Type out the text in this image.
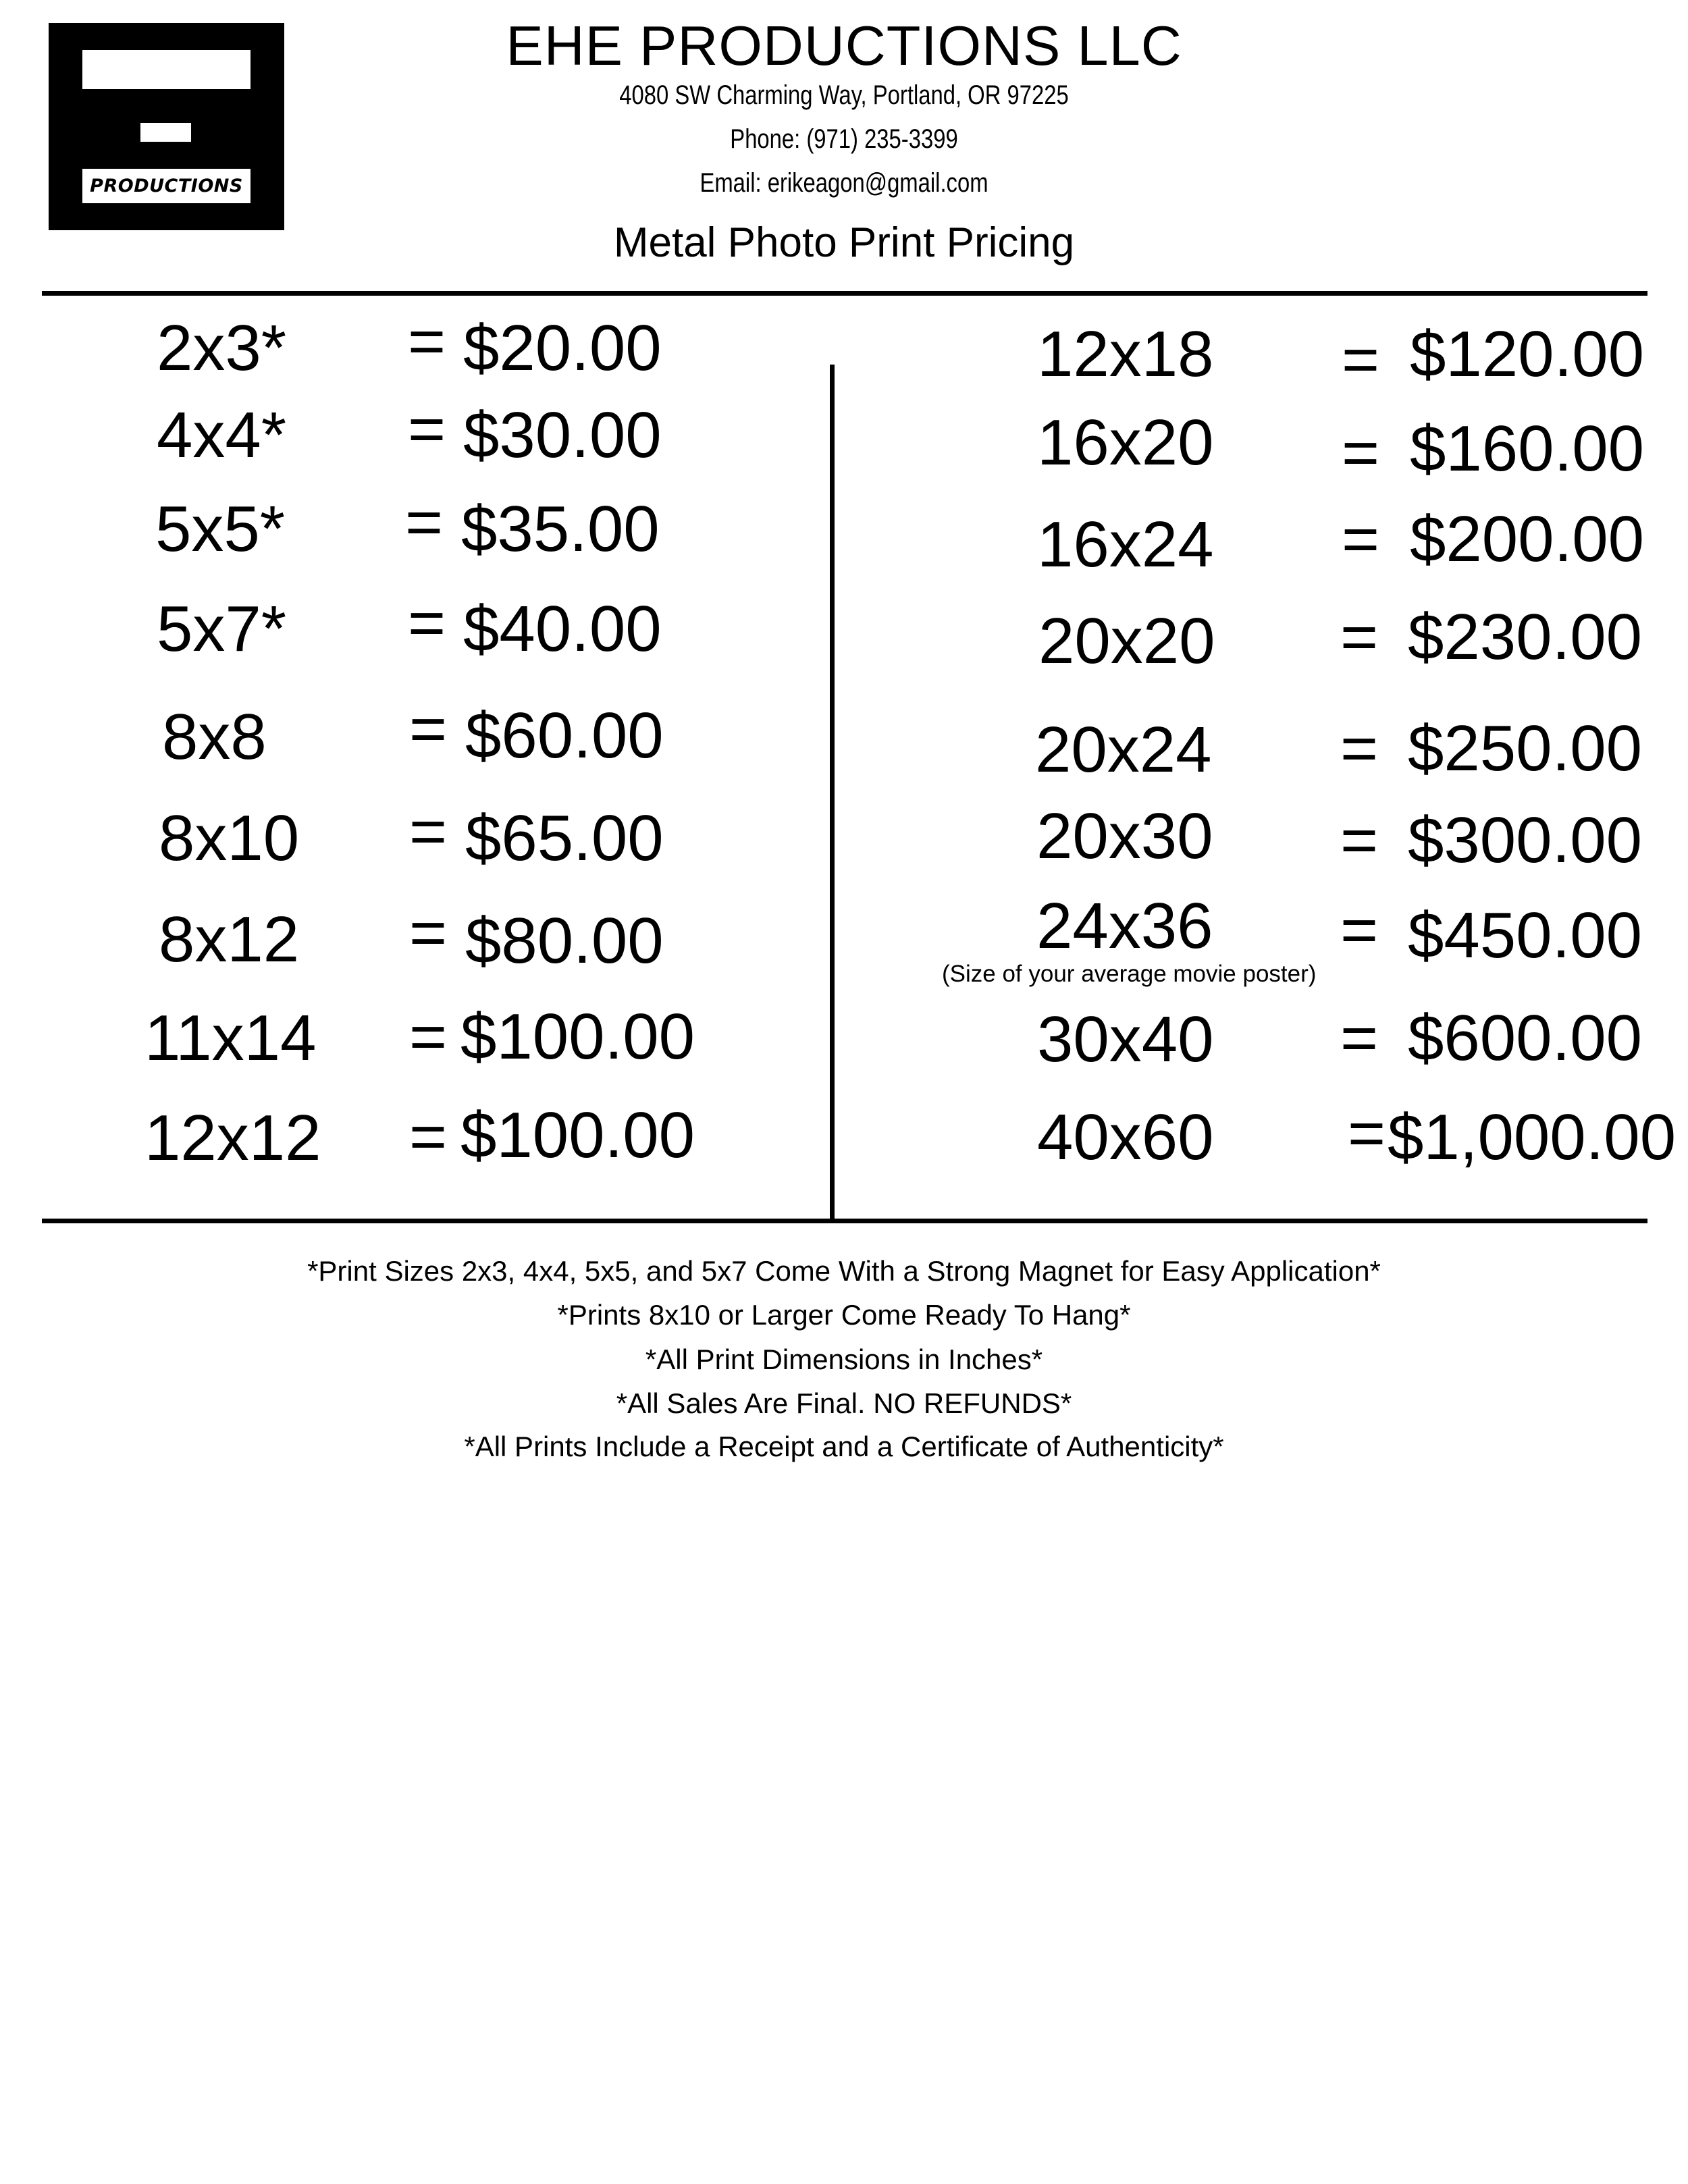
PRODUCTIONS
EHE PRODUCTIONS LLC
4080 SW Charming Way, Portland, OR 97225
Phone: (971) 235-3399
Email: erikeagon@gmail.com
Metal Photo Print Pricing
2x3* = $20.00
4x4* = $30.00
5x5* = $35.00
5x7* = $40.00
8x8 = $60.00
8x10 = $65.00
8x12 = $80.00
11x14 = $100.00
12x12 = $100.00
12x18 = $120.00
16x20 = $160.00
16x24 = $200.00
20x20 = $230.00
20x24 = $250.00
20x30 = $300.00
24x36 = $450.00
(Size of your average movie poster)
30x40 = $600.00
40x60 = $1,000.00
*Print Sizes 2x3, 4x4, 5x5, and 5x7 Come With a Strong Magnet for Easy Application*
*Prints 8x10 or Larger Come Ready To Hang*
*All Print Dimensions in Inches*
*All Sales Are Final. NO REFUNDS*
*All Prints Include a Receipt and a Certificate of Authenticity*
